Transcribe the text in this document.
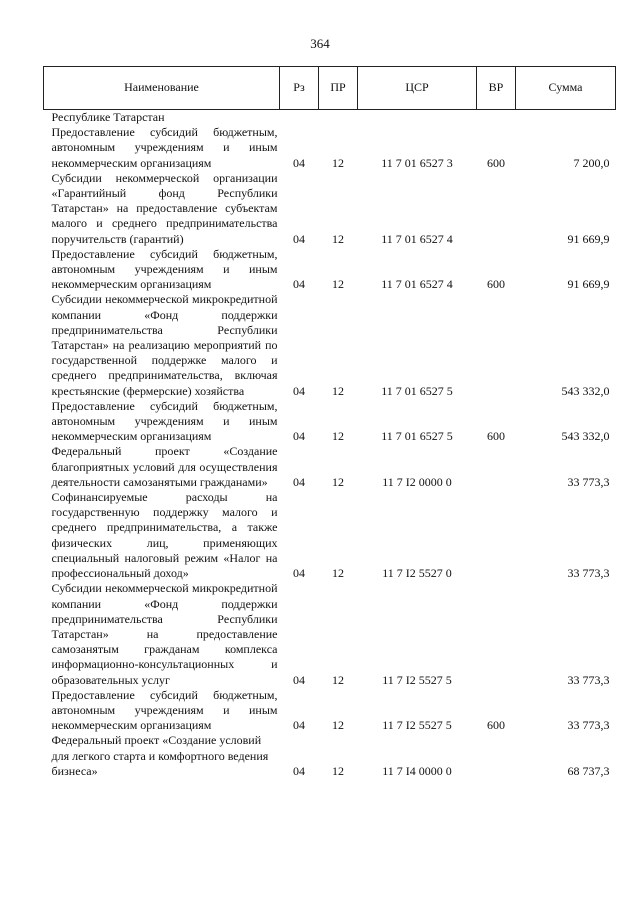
364
Наименование	Рз	ПР	ЦСР	ВР	Сумма
Республике Татарстан					
Предоставление субсидий бюджетным, автономным учреждениям и иным некоммерческим организациям	04	12	11 7 01 6527 3	600	7 200,0
Субсидии некоммерческой организации «Гарантийный фонд Республики Татарстан» на предоставление субъектам малого и среднего предпринимательства поручительств (гарантий)	04	12	11 7 01 6527 4		91 669,9
Предоставление субсидий бюджетным, автономным учреждениям и иным некоммерческим организациям	04	12	11 7 01 6527 4	600	91 669,9
Субсидии некоммерческой микрокредитной компании «Фонд поддержки предпринимательства Республики Татарстан» на реализацию мероприятий по государственной поддержке малого и среднего предпринимательства, включая крестьянские (фермерские) хозяйства	04	12	11 7 01 6527 5		543 332,0
Предоставление субсидий бюджетным, автономным учреждениям и иным некоммерческим организациям	04	12	11 7 01 6527 5	600	543 332,0
Федеральный проект «Создание благоприятных условий для осуществления деятельности самозанятыми гражданами»	04	12	11 7 I2 0000 0		33 773,3
Софинансируемые расходы на государственную поддержку малого и среднего предпринимательства, а также физических лиц, применяющих специальный налоговый режим «Налог на профессиональный доход»	04	12	11 7 I2 5527 0		33 773,3
Субсидии некоммерческой микрокредитной компании «Фонд поддержки предпринимательства Республики Татарстан» на предоставление самозанятым гражданам комплекса информационно-консультационных и образовательных услуг	04	12	11 7 I2 5527 5		33 773,3
Предоставление субсидий бюджетным, автономным учреждениям и иным некоммерческим организациям	04	12	11 7 I2 5527 5	600	33 773,3
Федеральный проект «Создание условий для легкого старта и комфортного ведения бизнеса»	04	12	11 7 I4 0000 0		68 737,3
